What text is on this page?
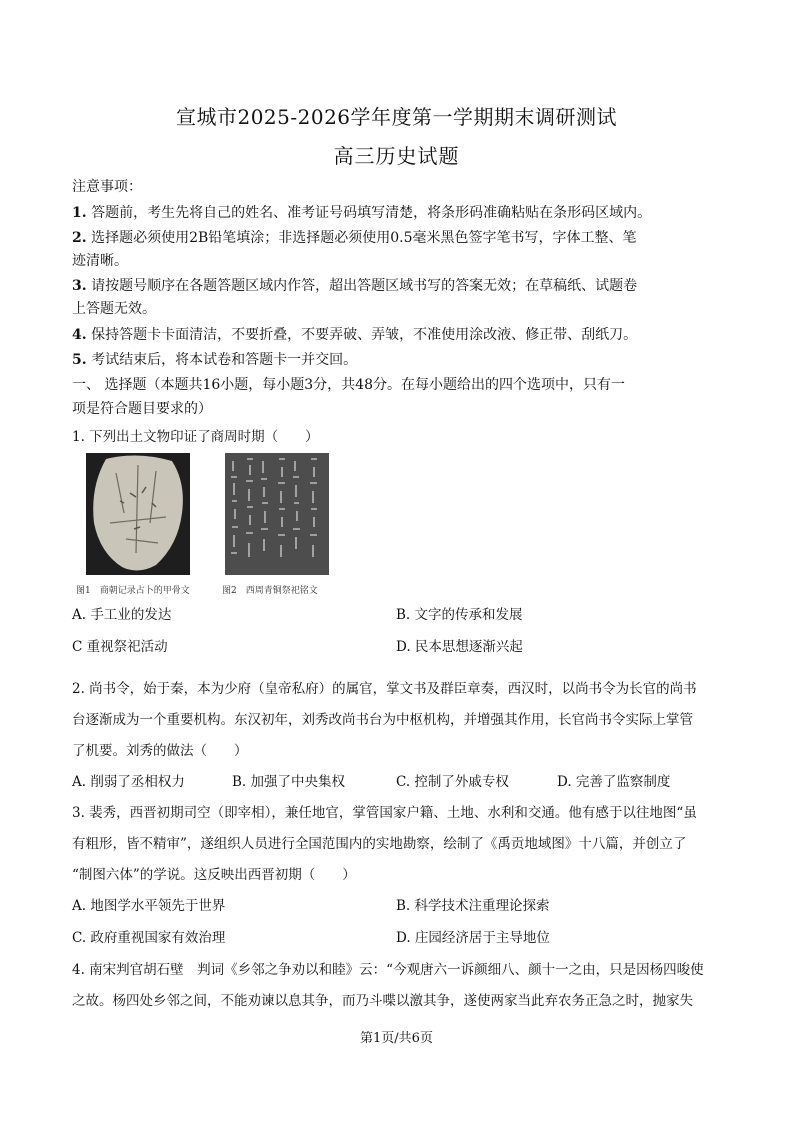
宣城市2025-2026学年度第一学期期末调研测试
高三历史试题
注意事项：
1. 答题前，考生先将自己的姓名、准考证号码填写清楚，将条形码准确粘贴在条形码区域内。
2. 选择题必须使用2B铅笔填涂；非选择题必须使用0.5毫米黑色签字笔书写，字体工整、笔
迹清晰。
3. 请按题号顺序在各题答题区域内作答，超出答题区域书写的答案无效；在草稿纸、试题卷
上答题无效。
4. 保持答题卡卡面清洁，不要折叠，不要弄破、弄皱，不准使用涂改液、修正带、刮纸刀。
5. 考试结束后，将本试卷和答题卡一并交回。
一、 选择题（本题共16小题，每小题3分，共48分。在每小题给出的四个选项中，只有一
项是符合题目要求的）
1. 下列出土文物印证了商周时期（　　）
图1　商朝记录占卜的甲骨文	图2　西周青铜祭祀铭文
A. 手工业的发达	B. 文字的传承和发展
C 重视祭祀活动	D. 民本思想逐渐兴起
2. 尚书令，始于秦，本为少府（皇帝私府）的属官，掌文书及群臣章奏，西汉时，以尚书令为长官的尚书
台逐渐成为一个重要机构。东汉初年，刘秀改尚书台为中枢机构，并增强其作用，长官尚书令实际上掌管
了机要。刘秀的做法（　　）
A. 削弱了丞相权力	B. 加强了中央集权	C. 控制了外戚专权	D. 完善了监察制度
3. 裴秀，西晋初期司空（即宰相），兼任地官，掌管国家户籍、土地、水利和交通。他有感于以往地图“虽
有粗形，皆不精审”，遂组织人员进行全国范围内的实地勘察，绘制了《禹贡地域图》十八篇，并创立了
“制图六体”的学说。这反映出西晋初期（　　）
A. 地图学水平领先于世界	B. 科学技术注重理论探索
C. 政府重视国家有效治理	D. 庄园经济居于主导地位
4. 南宋判官胡石壁　判词《乡邻之争劝以和睦》云：“今观唐六一诉颜细八、颜十一之由，只是因杨四唆使
之故。杨四处乡邻之间，不能劝谏以息其争，而乃斗喋以激其争，遂使两家当此弃农务正急之时，抛家失
第1页/共6页
